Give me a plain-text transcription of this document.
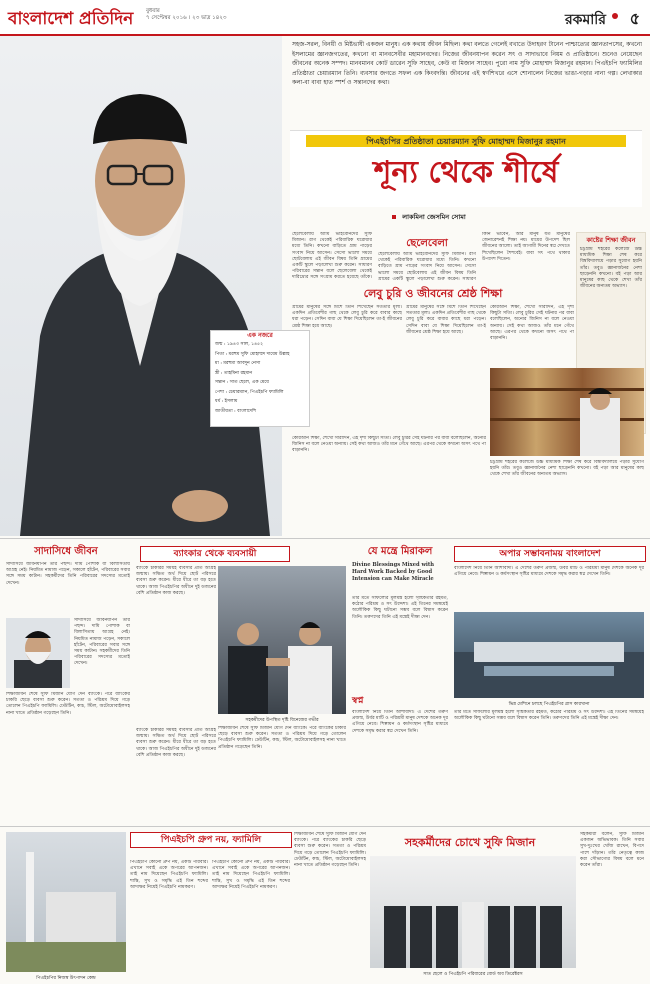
বাংলাদেশ প্রতিদিন বুধবার
৭ সেপ্টেম্বর ২০১৬ । ২৩ ভাদ্র ১৪২৩	রকমারি ৫
সহজ-সরল, বিনয়ী ও মিষ্টভাষী একজন মানুষ। এক কথায় জীবন মিছিল। কথা বলতে গেলেই বখাতে উদাহরণ টানেন পাশ্চাত্যের জ্ঞানতাপসের, কখনো ইসলামের জ্ঞানজগতের, কখনো বা মানবসেবীর মহামানবদের। নিজের জীবনযাপন করেন সৎ ও সাদাভাবে নিয়ম ও প্রাতিষ্ঠানে। শুনেও নেয়েছেন জীবনের অনেক সম্পদ। মানবমানব কোট ডারেন সুফি সাহেব, কেউ বা মিজান সাহেব। পুরো নাম সুফি মোহাম্মদ মিজানুর রহমান। পিএইচপি ফ্যামিলির প্রতিষ্ঠাতা চেয়ারম্যান তিনি। ব্যবসার জগতে সফল এক কিংবদন্তি। জীবনের এই স্বর্ণশিখরে এসে শোনালেন নিজের ভাঙা-গড়ার নানা গল্প। লেখাকার কলা-বা বাবা হাত স্পর্শ ও সন্তানদের কথা।
পিএইচপির প্রতিষ্ঠাতা চেয়ারম্যান সুফি মোহাম্মদ মিজানুর রহমান
শূন্য থেকে শীর্ষে
লাকমিনা জেসমিন সোমা
ছেলেবেলায় আমি ভাইবোনদের সুফি মিজান। রাগ থেকেই পরিবারিক ঘরোয়ার মধ্যে তিনি। কখনো বাড়িতে গ্রাম পাড়ের সংবাদ নিয়ে আসেন। সেসো ভালো সময়ে ছোটবেলায় এই জীবন বিষয় তিনি গ্রামের একটি স্কুলে পড়ালেখা শুরু করেন। সাধারণ পরিবারের সন্তান বলে ছেলেবেলা থেকেই দারিদ্র্যের সঙ্গে সংগ্রাম করতে হয়েছে তাঁকে।
ছেলেবেলা
ছেলেবেলায় আমি ভাইবোনদের সুফি মিজান। রাগ থেকেই পরিবারিক ঘরোয়ার মধ্যে তিনি। কখনো বাড়িতে গ্রাম পাড়ের সংবাদ নিয়ে আসেন। সেসো ভালো সময়ে ছোটবেলায় এই জীবন বিষয় তিনি গ্রামের একটি স্কুলে পড়ালেখা শুরু করেন। সাধারণ
কিনি ভাবেন, আর মানুষ যত মানুষের জেনারেশনই শিক্ষা নয়। মায়ের উপদেশ ছিল জীবনের আলো। তাই আগামী দিনের স্বপ্ন দেখতে শিখেছিলেন শৈশবেই। বাবা সৎ পথে থাকার উপদেশ দিতেন।
কাষ্টের শিক্ষা জীবন
চট্টগ্রাম শহরের কলেজে উচ্চ মাধ্যমিক শিক্ষা শেষ করে বিশ্ববিদ্যালয়ে পড়ার সুযোগ হয়নি তাঁর। তবুও জ্ঞানার্জনের নেশা ছাড়েননি কখনো। বই পড়া আর মানুষের কাছ থেকে শেখা তাঁর জীবনের অন্যতম অভ্যাস।
লেবু চুরি ও জীবনের শ্রেষ্ঠ শিক্ষা
গ্রামের মানুষের সঙ্গে মিশে তিনি শিখেছেন সততার মূল্য। একদিন প্রতিবেশীর গাছ থেকে লেবু চুরি করে বাবার কাছে ধরা পড়েন। সেদিন বাবা যে শিক্ষা দিয়েছিলেন তা-ই জীবনের শ্রেষ্ঠ শিক্ষা হয়ে আছে।
গ্রামের মানুষের সঙ্গে মিশে তিনি শিখেছেন সততার মূল্য। একদিন প্রতিবেশীর গাছ থেকে লেবু চুরি করে বাবার কাছে ধরা পড়েন। সেদিন বাবা যে শিক্ষা দিয়েছিলেন তা-ই জীবনের শ্রেষ্ঠ শিক্ষা হয়ে আছে।
কোরআন শিক্ষা, শেখো সারাদিন, এই দৃশ্য কিছুটা সত্যি। লেবু চুরির সেই ঘটনার পর বাবা বলেছিলেন, অন্যের জিনিস না বলে নেওয়া অন্যায়। সেই কথা আজও তাঁর মনে গেঁথে আছে। এরপর থেকে কখনো অসৎ পথে পা বাড়াননি।
এক নজরে
জন্ম : ১৯৪৩ সাল, ১৪৫২
পিতা : মরহুম সুফি মোহাম্মদ দায়েম উল্লাহ
মা : মরহুমা আবদুন নেসা
স্ত্রী : তাহমিনা রহমান
সন্তান : সাত ছেলে, এক মেয়ে
পেশা : চেয়ারম্যান, পিএইচপি ফ্যামিলি
ধর্ম : ইসলাম
জাতীয়তা : বাংলাদেশি
কোরআন শিক্ষা, শেখো সারাদিন, এই দৃশ্য কিছুটা সত্যি। লেবু চুরির সেই ঘটনার পর বাবা বলেছিলেন, অন্যের জিনিস না বলে নেওয়া অন্যায়। সেই কথা আজও তাঁর মনে গেঁথে আছে। এরপর থেকে কখনো অসৎ পথে পা বাড়াননি।
চট্টগ্রাম শহরের কলেজে উচ্চ মাধ্যমিক শিক্ষা শেষ করে বিশ্ববিদ্যালয়ে পড়ার সুযোগ হয়নি তাঁর। তবুও জ্ঞানার্জনের নেশা ছাড়েননি কখনো। বই পড়া আর মানুষের কাছ থেকে শেখা তাঁর জীবনের অন্যতম অভ্যাস।
সাদাসিধে জীবন
সাদাসিধে জীবনযাপন তাঁর পছন্দ। দামি পোশাক বা বিলাসিতায় আগ্রহ নেই। নিয়মিত নামাজ পড়েন, সকালে হাঁটেন, পরিবারের সবার সঙ্গে সময় কাটান। সহকর্মীদের তিনি পরিবারের সদস্যের মতোই দেখেন।
সাদাসিধে জীবনযাপন তাঁর পছন্দ। দামি পোশাক বা বিলাসিতায় আগ্রহ নেই। নিয়মিত নামাজ পড়েন, সকালে হাঁটেন, পরিবারের সবার সঙ্গে সময় কাটান। সহকর্মীদের তিনি পরিবারের সদস্যের মতোই দেখেন।
শিক্ষাজীবন শেষে সুফি মিজান যোগ দেন ব্যাংকে। পরে ব্যাংকের চাকরি ছেড়ে ব্যবসা শুরু করেন। সততা ও পরিশ্রম দিয়ে গড়ে তোলেন পিএইচপি ফ্যামিলি। ঢেউটিন, কাচ, স্টিল, অটোমোবাইলসহ নানা খাতে প্রতিষ্ঠান গড়েছেন তিনি।
ব্যাংকার থেকে ব্যবসায়ী
ব্যাংকে চাকরির সময়ই ব্যবসার প্রতি আগ্রহ জন্মায়। সঞ্চিত অর্থ দিয়ে ছোট পরিসরে ব্যবসা শুরু করেন। ধীরে ধীরে তা বড় হতে থাকে। আজ পিএইচপির অধীনে দুই ডজনের বেশি প্রতিষ্ঠান কাজ করছে।
সহকর্মীদের উপস্থিত দৃষ্টি বিনেজের গভীর
ব্যাংকে চাকরির সময়ই ব্যবসার প্রতি আগ্রহ জন্মায়। সঞ্চিত অর্থ দিয়ে ছোট পরিসরে ব্যবসা শুরু করেন। ধীরে ধীরে তা বড় হতে থাকে। আজ পিএইচপির অধীনে দুই ডজনের বেশি প্রতিষ্ঠান কাজ করছে।
শিক্ষাজীবন শেষে সুফি মিজান যোগ দেন ব্যাংকে। পরে ব্যাংকের চাকরি ছেড়ে ব্যবসা শুরু করেন। সততা ও পরিশ্রম দিয়ে গড়ে তোলেন পিএইচপি ফ্যামিলি। ঢেউটিন, কাচ, স্টিল, অটোমোবাইলসহ নানা খাতে প্রতিষ্ঠান গড়েছেন তিনি।
যে মন্ত্রে মিরাকল
Divine Blessings Mixed with Hard Work Backed by Good Intension can Make Miracle
তাঁর মতে সাফল্যের মূলমন্ত্র হলো সৃষ্টিকর্তার রহমত, কঠোর পরিশ্রম ও সৎ উদ্দেশ্য। এই তিনের সমন্বয়েই অলৌকিক কিছু ঘটানো সম্ভব বলে বিশ্বাস করেন তিনি। তরুণদের তিনি এই মন্ত্রেই দীক্ষা দেন।
স্বপ্ন
বাংলাদেশ নিয়ে তিনি আশাবাদী। এ দেশের তরুণ প্রজন্ম, উর্বর মাটি ও পরিশ্রমী মানুষ দেশকে অনেক দূর এগিয়ে নেবে। শিল্পায়ন ও কর্মসংস্থান সৃষ্টির মাধ্যমে দেশকে সমৃদ্ধ করার স্বপ্ন দেখেন তিনি।
অপার সম্ভাবনাময় বাংলাদেশ
বাংলাদেশ নিয়ে তিনি আশাবাদী। এ দেশের তরুণ প্রজন্ম, উর্বর মাটি ও পরিশ্রমী মানুষ দেশকে অনেক দূর এগিয়ে নেবে। শিল্পায়ন ও কর্মসংস্থান সৃষ্টির মাধ্যমে দেশকে সমৃদ্ধ করার স্বপ্ন দেখেন তিনি।
ভিন্ন মেশিনে চলছে পিএইচপির গ্লাস কারখানা
তাঁর মতে সাফল্যের মূলমন্ত্র হলো সৃষ্টিকর্তার রহমত, কঠোর পরিশ্রম ও সৎ উদ্দেশ্য। এই তিনের সমন্বয়েই অলৌকিক কিছু ঘটানো সম্ভব বলে বিশ্বাস করেন তিনি। তরুণদের তিনি এই মন্ত্রেই দীক্ষা দেন।
পিএইচপির নিজস্ব উৎপাদন কেন্দ্র
পিএইচপি গ্রুপ নয়, ফ্যামিলি
পিএইচপি কোনো গ্রুপ নয়, একটি পরিবার। এখানে সবাই একে অপরের আপনজন। তাই নাম দিয়েছেন পিএইচপি ফ্যামিলি। শান্তি, সুখ ও সমৃদ্ধি এই তিন শব্দের আদ্যক্ষর নিয়েই পিএইচপি নামকরণ।
পিএইচপি কোনো গ্রুপ নয়, একটি পরিবার। এখানে সবাই একে অপরের আপনজন। তাই নাম দিয়েছেন পিএইচপি ফ্যামিলি। শান্তি, সুখ ও সমৃদ্ধি এই তিন শব্দের আদ্যক্ষর নিয়েই পিএইচপি নামকরণ।
শিক্ষাজীবন শেষে সুফি মিজান যোগ দেন ব্যাংকে। পরে ব্যাংকের চাকরি ছেড়ে ব্যবসা শুরু করেন। সততা ও পরিশ্রম দিয়ে গড়ে তোলেন পিএইচপি ফ্যামিলি। ঢেউটিন, কাচ, স্টিল, অটোমোবাইলসহ নানা খাতে প্রতিষ্ঠান গড়েছেন তিনি।
সহকর্মীদের চোখে সুফি মিজান
সাত ছেলে ও পিএইচপি পরিবারের বোর্ড অব ডিরেক্টরস
সহকর্মীরা বলেন, সুফি মিজান একজন অভিভাবক। তিনি সবার সুখ-দুঃখের খোঁজ রাখেন, বিপদে পাশে দাঁড়ান। তাঁর নেতৃত্বে কাজ করা সৌভাগ্যের বিষয় বলে মনে করেন তাঁরা।
